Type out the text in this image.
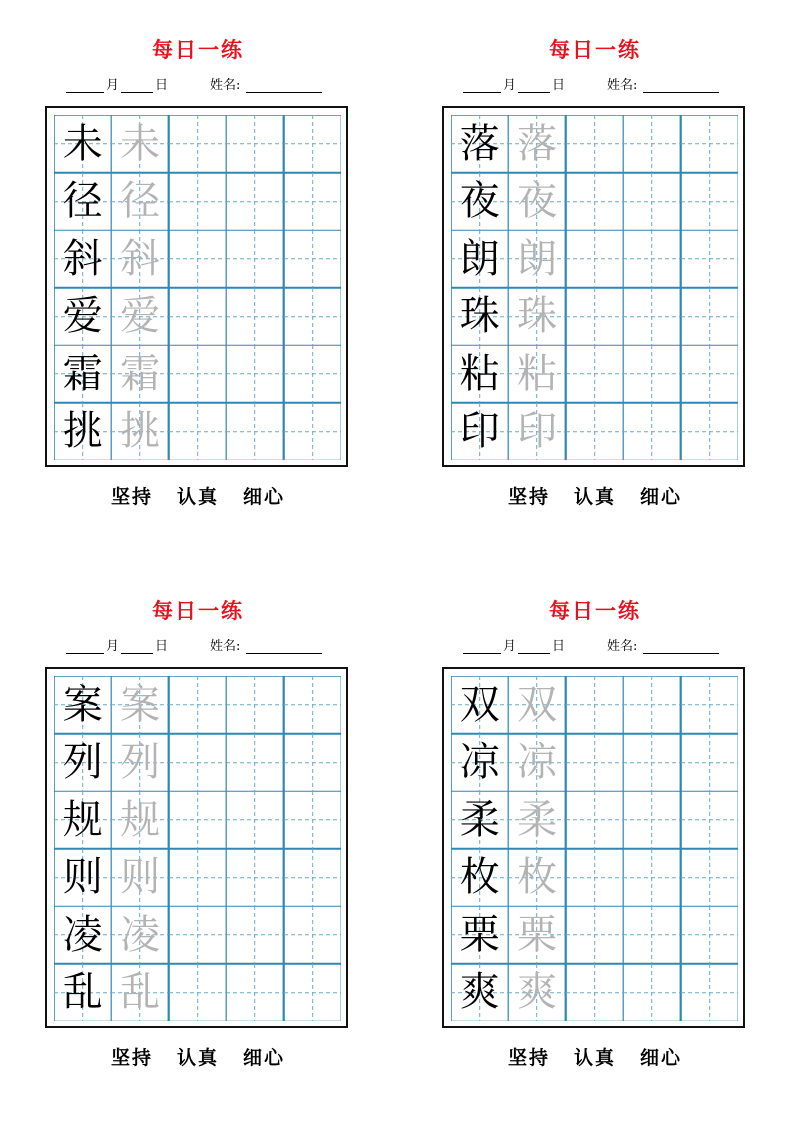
每日一练
月	日	姓名:
未 未
径 径
斜 斜
爱 爱
霜 霜
挑 挑
坚持 认真 细心
每日一练
月	日	姓名:
落 落
夜 夜
朗 朗
珠 珠
粘 粘
印 印
坚持 认真 细心
每日一练
月	日	姓名:
案 案
列 列
规 规
则 则
凌 凌
乱 乱
坚持 认真 细心
每日一练
月	日	姓名:
双 双
凉 凉
柔 柔
枚 枚
栗 栗
爽 爽
坚持 认真 细心
